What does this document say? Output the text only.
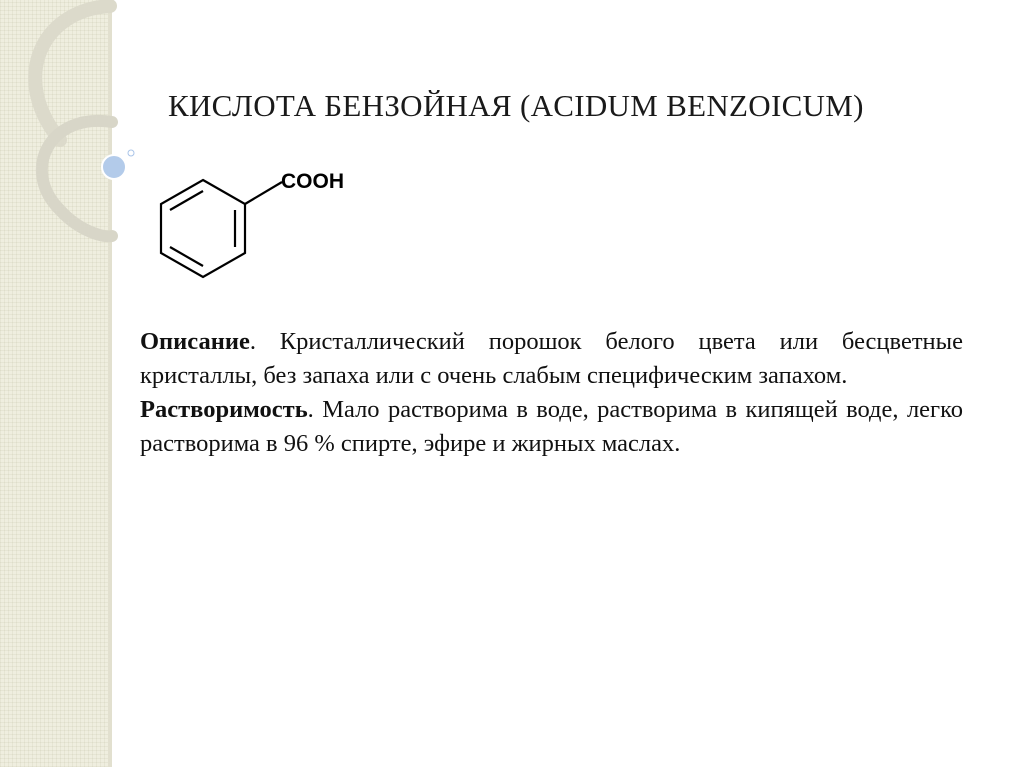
КИСЛОТА БЕНЗОЙНАЯ (ACIDUM BENZOICUM)
COOH

Описание. Кристаллический порошок белого цвета или бесцветные кристаллы, без запаха или с очень слабым специфическим запахом.

Растворимость. Мало растворима в воде, растворима в кипящей воде, легко растворима в 96 % спирте, эфире и жирных маслах.
